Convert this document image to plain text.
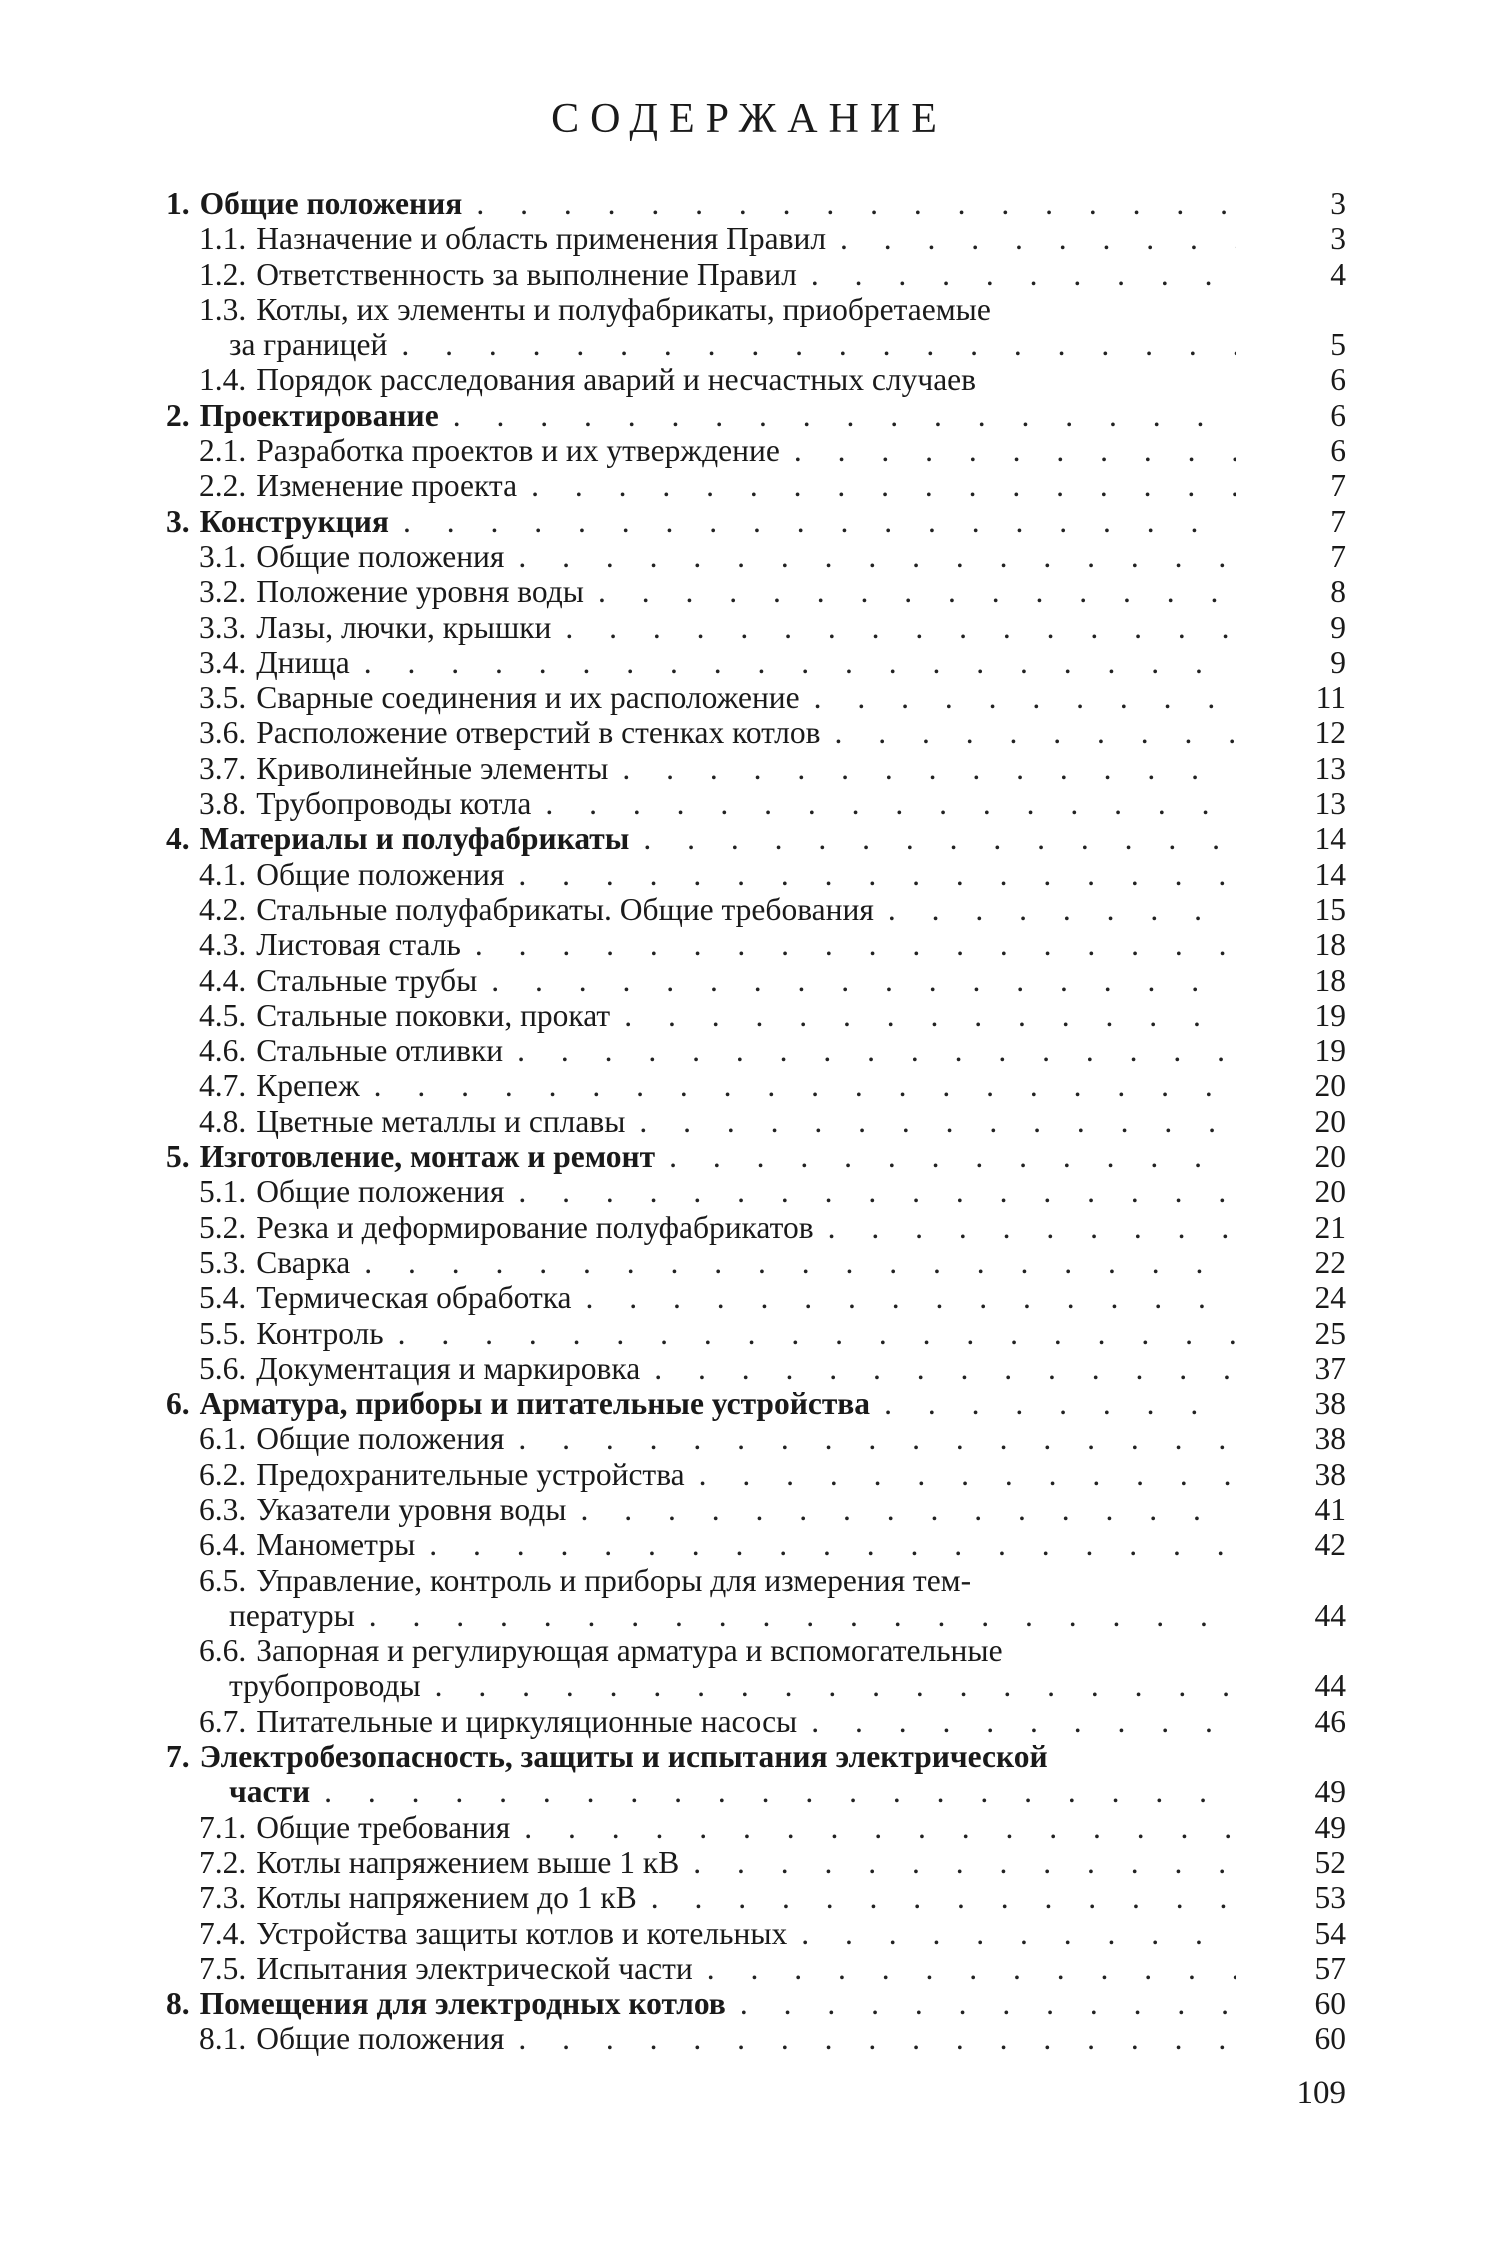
СОДЕРЖАНИЕ
1. Общие положения . . .	3
1.1. Назначение и область применения Правил . . .	3
1.2. Ответственность за выполнение Правил . . .	4
1.3. Котлы, их элементы и полуфабрикаты, приобретаемые
за границей . . .	5
1.4. Порядок расследования аварий и несчастных случаев	6
2. Проектирование . . .	6
2.1. Разработка проектов и их утверждение . . .	6
2.2. Изменение проекта . . .	7
3. Конструкция . . .	7
3.1. Общие положения . . .	7
3.2. Положение уровня воды . . .	8
3.3. Лазы, лючки, крышки . . .	9
3.4. Днища . . .	9
3.5. Сварные соединения и их расположение . . .	11
3.6. Расположение отверстий в стенках котлов . . .	12
3.7. Криволинейные элементы . . .	13
3.8. Трубопроводы котла . . .	13
4. Материалы и полуфабрикаты . . .	14
4.1. Общие положения . . .	14
4.2. Стальные полуфабрикаты. Общие требования . . .	15
4.3. Листовая сталь . . .	18
4.4. Стальные трубы . . .	18
4.5. Стальные поковки, прокат . . .	19
4.6. Стальные отливки . . .	19
4.7. Крепеж . . .	20
4.8. Цветные металлы и сплавы . . .	20
5. Изготовление, монтаж и ремонт . . .	20
5.1. Общие положения . . .	20
5.2. Резка и деформирование полуфабрикатов . . .	21
5.3. Сварка . . .	22
5.4. Термическая обработка . . .	24
5.5. Контроль . . .	25
5.6. Документация и маркировка . . .	37
6. Арматура, приборы и питательные устройства . . .	38
6.1. Общие положения . . .	38
6.2. Предохранительные устройства . . .	38
6.3. Указатели уровня воды . . .	41
6.4. Манометры . . .	42
6.5. Управление, контроль и приборы для измерения тем-
пературы . . .	44
6.6. Запорная и регулирующая арматура и вспомогательные
трубопроводы . . .	44
6.7. Питательные и циркуляционные насосы . . .	46
7. Электробезопасность, защиты и испытания электрической
части . . .	49
7.1. Общие требования . . .	49
7.2. Котлы напряжением выше 1 кВ . . .	52
7.3. Котлы напряжением до 1 кВ . . .	53
7.4. Устройства защиты котлов и котельных . . .	54
7.5. Испытания электрической части . . .	57
8. Помещения для электродных котлов . . .	60
8.1. Общие положения . . .	60
109
